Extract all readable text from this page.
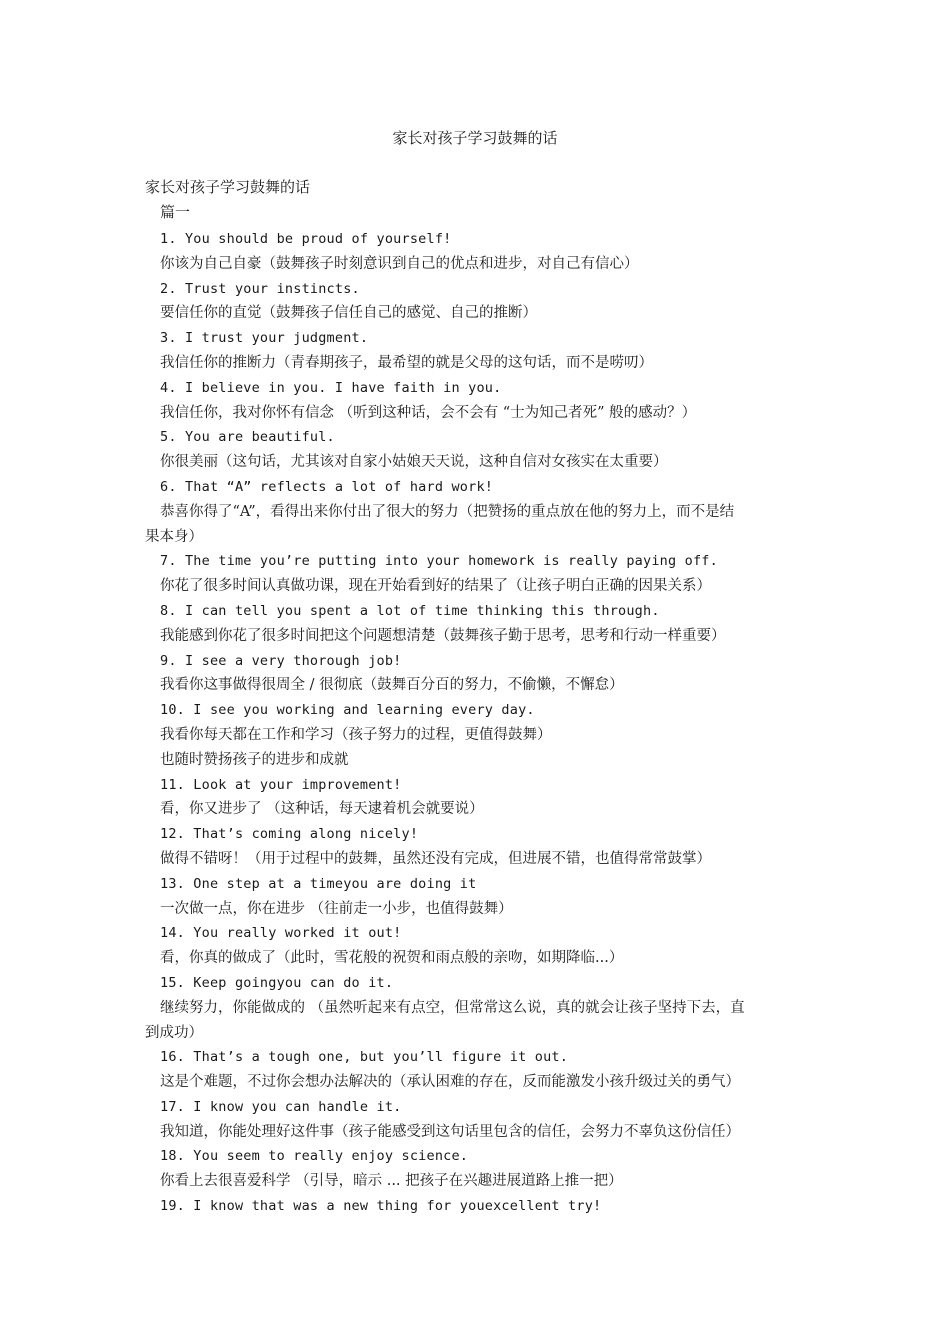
家长对孩子学习鼓舞的话
家长对孩子学习鼓舞的话
篇一
1. You should be proud of yourself!
你该为自己自豪（鼓舞孩子时刻意识到自己的优点和进步，对自己有信心）
2. Trust your instincts.
要信任你的直觉（鼓舞孩子信任自己的感觉、自己的推断）
3. I trust your judgment.
我信任你的推断力（青春期孩子，最希望的就是父母的这句话，而不是唠叨）
4. I believe in you. I have faith in you.
我信任你，我对你怀有信念 （听到这种话，会不会有 “士为知己者死” 般的感动？）
5. You are beautiful.
你很美丽（这句话，尤其该对自家小姑娘天天说，这种自信对女孩实在太重要）
6. That “A” reflects a lot of hard work!
恭喜你得了“A”，看得出来你付出了很大的努力（把赞扬的重点放在他的努力上，而不是结
果本身）
7. The time you’re putting into your homework is really paying off.
你花了很多时间认真做功课，现在开始看到好的结果了（让孩子明白正确的因果关系）
8. I can tell you spent a lot of time thinking this through.
我能感到你花了很多时间把这个问题想清楚（鼓舞孩子勤于思考，思考和行动一样重要）
9. I see a very thorough job!
我看你这事做得很周全 / 很彻底（鼓舞百分百的努力，不偷懒，不懈怠）
10. I see you working and learning every day.
我看你每天都在工作和学习（孩子努力的过程，更值得鼓舞）
也随时赞扬孩子的进步和成就
11. Look at your improvement!
看，你又进步了 （这种话，每天逮着机会就要说）
12. That’s coming along nicely!
做得不错呀！（用于过程中的鼓舞，虽然还没有完成，但进展不错，也值得常常鼓掌）
13. One step at a timeyou are doing it
一次做一点，你在进步 （往前走一小步，也值得鼓舞）
14. You really worked it out!
看，你真的做成了（此时，雪花般的祝贺和雨点般的亲吻，如期降临...）
15. Keep goingyou can do it.
继续努力，你能做成的 （虽然听起来有点空，但常常这么说，真的就会让孩子坚持下去，直
到成功）
16. That’s a tough one, but you’ll figure it out.
这是个难题，不过你会想办法解决的（承认困难的存在，反而能激发小孩升级过关的勇气）
17. I know you can handle it.
我知道，你能处理好这件事（孩子能感受到这句话里包含的信任，会努力不辜负这份信任）
18. You seem to really enjoy science.
你看上去很喜爱科学 （引导，暗示 ... 把孩子在兴趣进展道路上推一把）
19. I know that was a new thing for youexcellent try!
